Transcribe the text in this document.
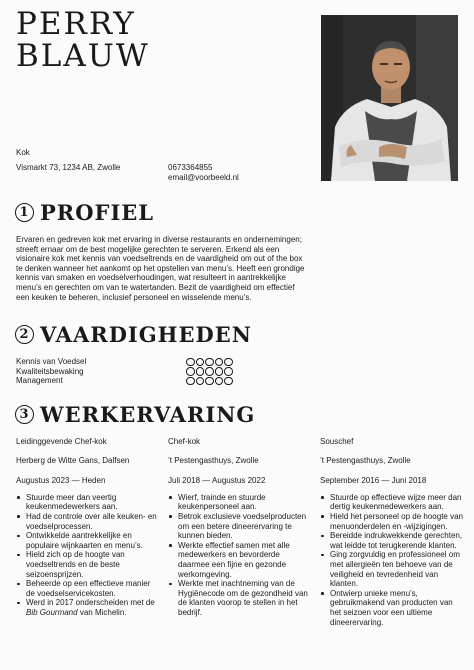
PERRY
BLAUW
Kok
Vismarkt 73, 1234 AB, Zwolle	0673364855
email@voorbeeld.nl
1 PROFIEL

Ervaren en gedreven kok met ervaring in diverse restaurants en ondernemingen; streeft ernaar om de best mogelijke gerechten te serveren. Erkend als een visionaire kok met kennis van voedseltrends en de vaardigheid om out of the box te denken wanneer het aankomt op het opstellen van menu’s. Heeft een grondige kennis van smaken en voedselverhoudingen, wat resulteert in aantrekkelijke menu’s en gerechten om van te watertanden. Bezit de vaardigheid om effectief een keuken te beheren, inclusief personeel en wisselende menu’s.

2 VAARDIGHEDEN
Kennis van Voedsel
Kwaliteitsbewaking
Management
3 WERKERVARING
Leidinggevende Chef-kok
Herberg de Witte Gans, Dalfsen
Augustus 2023 — Heden
Stuurde meer dan veertig keukenmedewerkers aan.
Had de controle over alle keuken- en voedselprocessen.
Ontwikkelde aantrekkelijke en populaire wijnkaarten en menu’s.
Hield zich op de hoogte van voedseltrends en de beste seizoensprijzen.
Beheerde op een effectieve manier de voedselservicekosten.
Werd in 2017 onderscheiden met de Bib Gourmand van Michelin.
Chef-kok
’t Pestengasthuys, Zwolle
Juli 2018 — Augustus 2022
Wierf, trainde en stuurde keukenpersoneel aan.
Betrok exclusieve voedselproducten om een betere dineerervaring te kunnen bieden.
Werkte effectief samen met alle medewerkers en bevorderde daarmee een fijne en gezonde werkomgeving.
Werkte met inachtneming van de Hygiënecode om de gezondheid van de klanten voorop te stellen in het bedrijf.
Souschef
’t Pestengasthuys, Zwolle
September 2016 — Juni 2018
Stuurde op effectieve wijze meer dan dertig keukenmedewerkers aan.
Hield het personeel op de hoogte van menuonderdelen en -wijzigingen.
Bereidde indrukwekkende gerechten, wat leidde tot terugkerende klanten.
Ging zorgvuldig en professioneel om met allergieën ten behoeve van de veiligheid en tevredenheid van klanten.
Ontwierp unieke menu’s, gebruikmakend van producten van het seizoen voor een ultieme dineerervaring.
